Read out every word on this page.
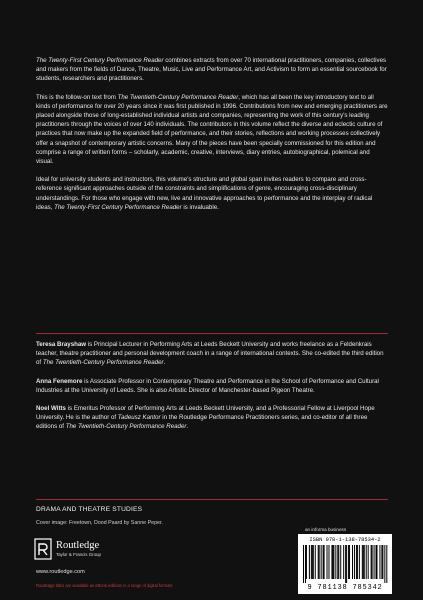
The Twenty-First Century Performance Reader combines extracts from over 70 international practitioners, companies, collectives and makers from the fields of Dance, Theatre, Music, Live and Performance Art, and Activism to form an essential sourcebook for students, researchers and practitioners.

This is the follow-on text from The Twentieth-Century Performance Reader, which has all been the key introductory text to all kinds of performance for over 20 years since it was first published in 1996. Contributions from new and emerging practitioners are placed alongside those of long-established individual artists and companies, representing the work of this century's leading practitioners through the voices of over 140 individuals. The contributors in this volume reflect the diverse and eclectic culture of practices that now make up the expanded field of performance, and their stories, reflections and working processes collectively offer a snapshot of contemporary artistic concerns. Many of the pieces have been specially commissioned for this edition and comprise a range of written forms – scholarly, academic, creative, interviews, diary entries, autobiographical, polemical and visual.

Ideal for university students and instructors, this volume's structure and global span invites readers to compare and cross-reference significant approaches outside of the constraints and simplifications of genre, encouraging cross-disciplinary understandings. For those who engage with new, live and innovative approaches to performance and the interplay of radical ideas, The Twenty-First Century Performance Reader is invaluable.

Teresa Brayshaw is Principal Lecturer in Performing Arts at Leeds Beckett University and works freelance as a Feldenkrais teacher, theatre practitioner and personal development coach in a range of international contexts. She co-edited the third edition of The Twentieth-Century Performance Reader.

Anna Fenemore is Associate Professor in Contemporary Theatre and Performance in the School of Performance and Cultural Industries at the University of Leeds. She is also Artistic Director of Manchester-based Pigeon Theatre.

Noel Witts is Emeritus Professor of Performing Arts at Leeds Beckett University, and a Professorial Fellow at Liverpool Hope University. He is the author of Tadeusz Kantor in the Routledge Performance Practitioners series, and co-editor of all three editions of The Twentieth-Century Performance Reader.

DRAMA AND THEATRE STUDIES
Cover image: Freetown, Dood Paard by Sanne Peper.
Routledge
Taylor & Francis Group
www.routledge.com
Routledge titles are available as eBook editions in a range of digital formats
an informa business
ISBN 978-1-138-78534-2
9 781138 785342
